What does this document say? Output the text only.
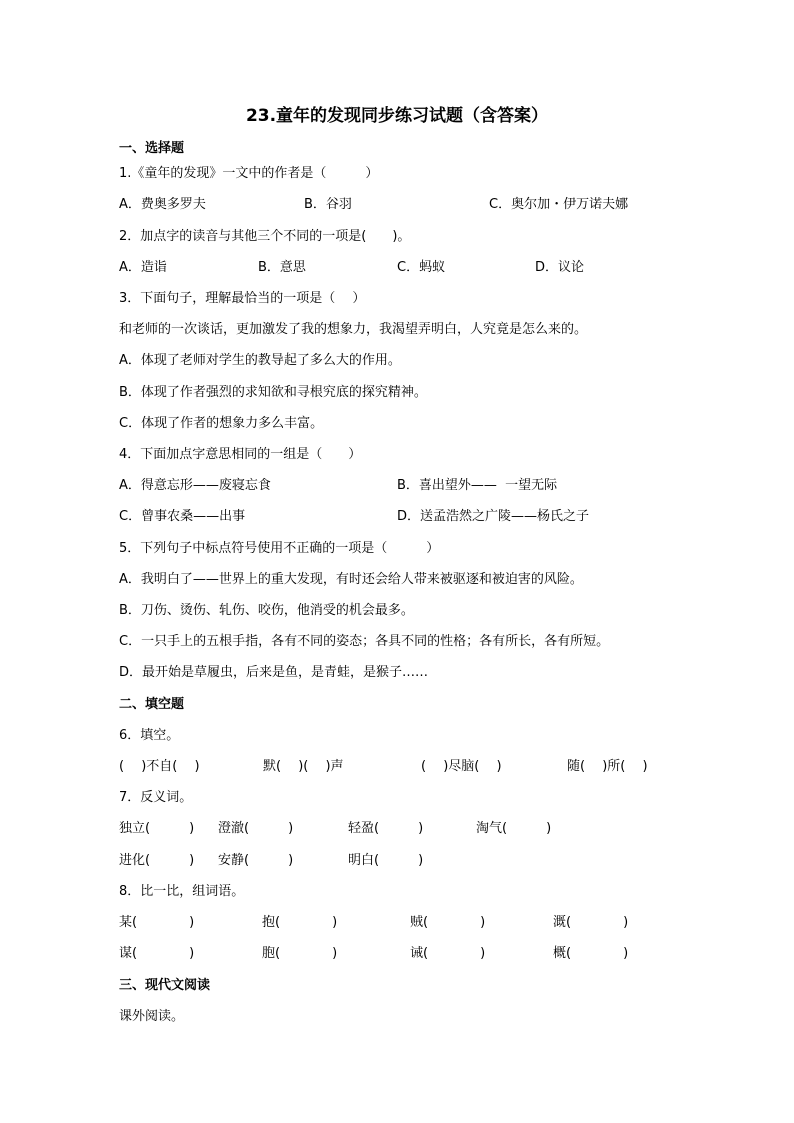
23.童年的发现同步练习试题（含答案）
一、选择题
1.《童年的发现》一文中的作者是（　　　）
A．费奥多罗夫	B．谷羽	C．奥尔加・伊万诺夫娜
2．加点字的读音与其他三个不同的一项是(　　)。
A．造诣	B．意思	C．蚂蚁	D．议论
3．下面句子，理解最恰当的一项是（　 ）
和老师的一次谈话，更加激发了我的想象力，我渴望弄明白，人究竟是怎么来的。
A．体现了老师对学生的教导起了多么大的作用。
B．体现了作者强烈的求知欲和寻根究底的探究精神。
C．体现了作者的想象力多么丰富。
4．下面加点字意思相同的一组是（　　）
A．得意忘形——废寝忘食	B．喜出望外——  一望无际
C．曾事农桑——出事	D．送孟浩然之广陵——杨氏之子
5．下列句子中标点符号使用不正确的一项是（　　　）
A．我明白了——世界上的重大发现，有时还会给人带来被驱逐和被迫害的风险。
B．刀伤、烫伤、轧伤、咬伤，他消受的机会最多。
C．一只手上的五根手指，各有不同的姿态；各具不同的性格；各有所长，各有所短。
D．最开始是草履虫，后来是鱼，是青蛙，是猴子……
二、填空题
6．填空。
(　 )不自(　 )	默(　 )(　 )声	(　 )尽脑(　 )	随(　 )所(　 )
7．反义词。
独立(　　　) 澄澈(　　　)	轻盈(　　　)	淘气(　　　)
进化(　　　) 安静(　　　)	明白(　　　)
8．比一比，组词语。
某(　　　　)	抱(　　　　)	贼(　　　　)	溉(　　　　)
谋(　　　　)	胞(　　　　)	诫(　　　　)	概(　　　　)
三、现代文阅读
课外阅读。
